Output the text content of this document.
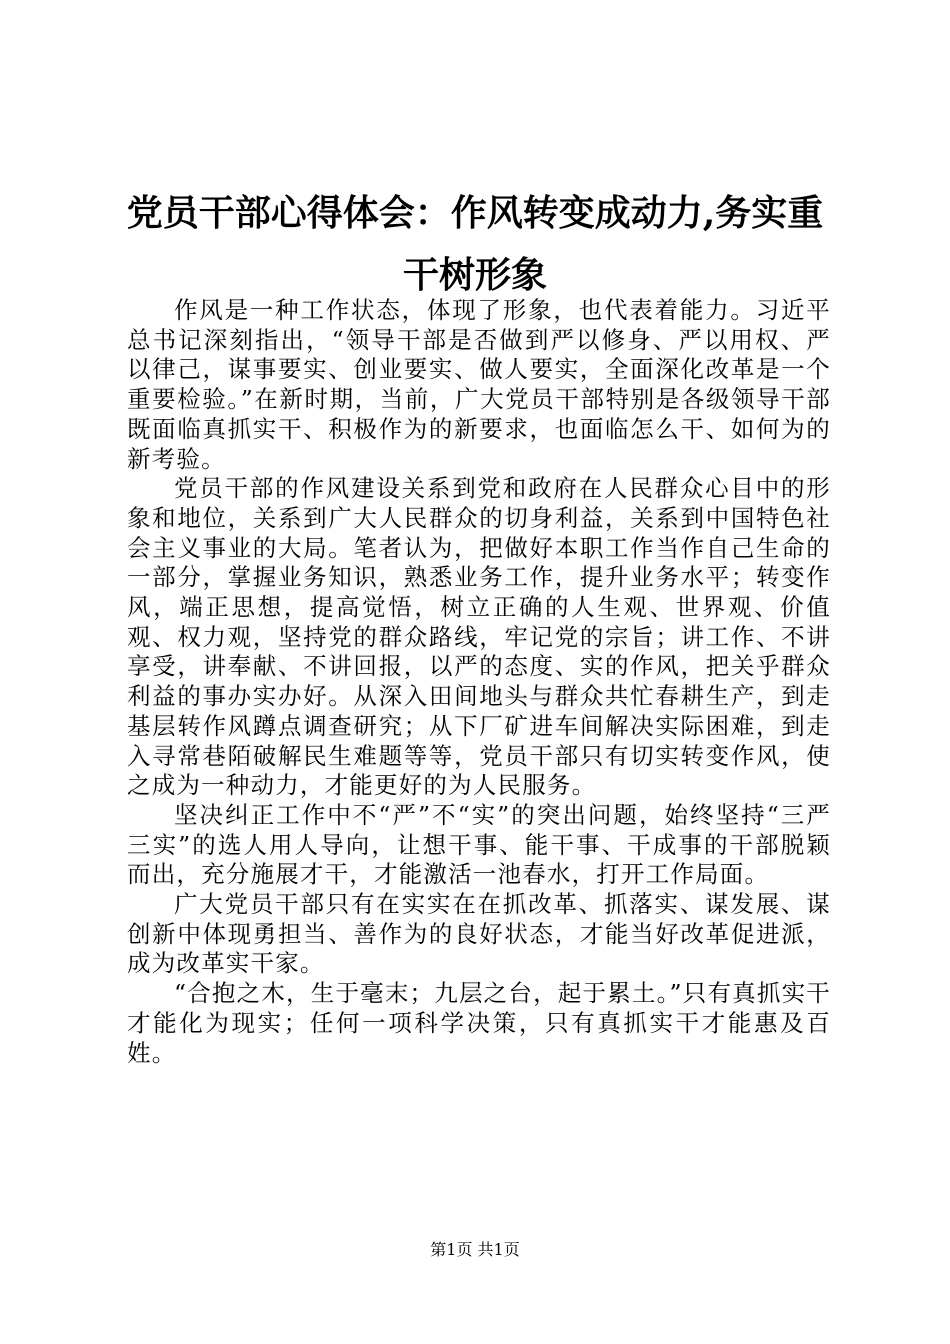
党员干部心得体会：作风转变成动力,务实重干树形象

作风是一种工作状态，体现了形象，也代表着能力。习近平总书记深刻指出，“领导干部是否做到严以修身、严以用权、严以律己，谋事要实、创业要实、做人要实，全面深化改革是一个重要检验。”在新时期，当前，广大党员干部特别是各级领导干部既面临真抓实干、积极作为的新要求，也面临怎么干、如何为的新考验。

党员干部的作风建设关系到党和政府在人民群众心目中的形象和地位，关系到广大人民群众的切身利益，关系到中国特色社会主义事业的大局。笔者认为，把做好本职工作当作自己生命的一部分，掌握业务知识，熟悉业务工作，提升业务水平；转变作风，端正思想，提高觉悟，树立正确的人生观、世界观、价值观、权力观，坚持党的群众路线，牢记党的宗旨；讲工作、不讲享受，讲奉献、不讲回报，以严的态度、实的作风，把关乎群众利益的事办实办好。从深入田间地头与群众共忙春耕生产，到走基层转作风蹲点调查研究；从下厂矿进车间解决实际困难，到走入寻常巷陌破解民生难题等等，党员干部只有切实转变作风，使之成为一种动力，才能更好的为人民服务。

坚决纠正工作中不“严”不“实”的突出问题，始终坚持“三严三实”的选人用人导向，让想干事、能干事、干成事的干部脱颖而出，充分施展才干，才能激活一池春水，打开工作局面。

广大党员干部只有在实实在在抓改革、抓落实、谋发展、谋创新中体现勇担当、善作为的良好状态，才能当好改革促进派，成为改革实干家。

“合抱之木，生于毫末；九层之台，起于累土。”只有真抓实干才能化为现实；任何一项科学决策，只有真抓实干才能惠及百姓。

第1页 共1页
